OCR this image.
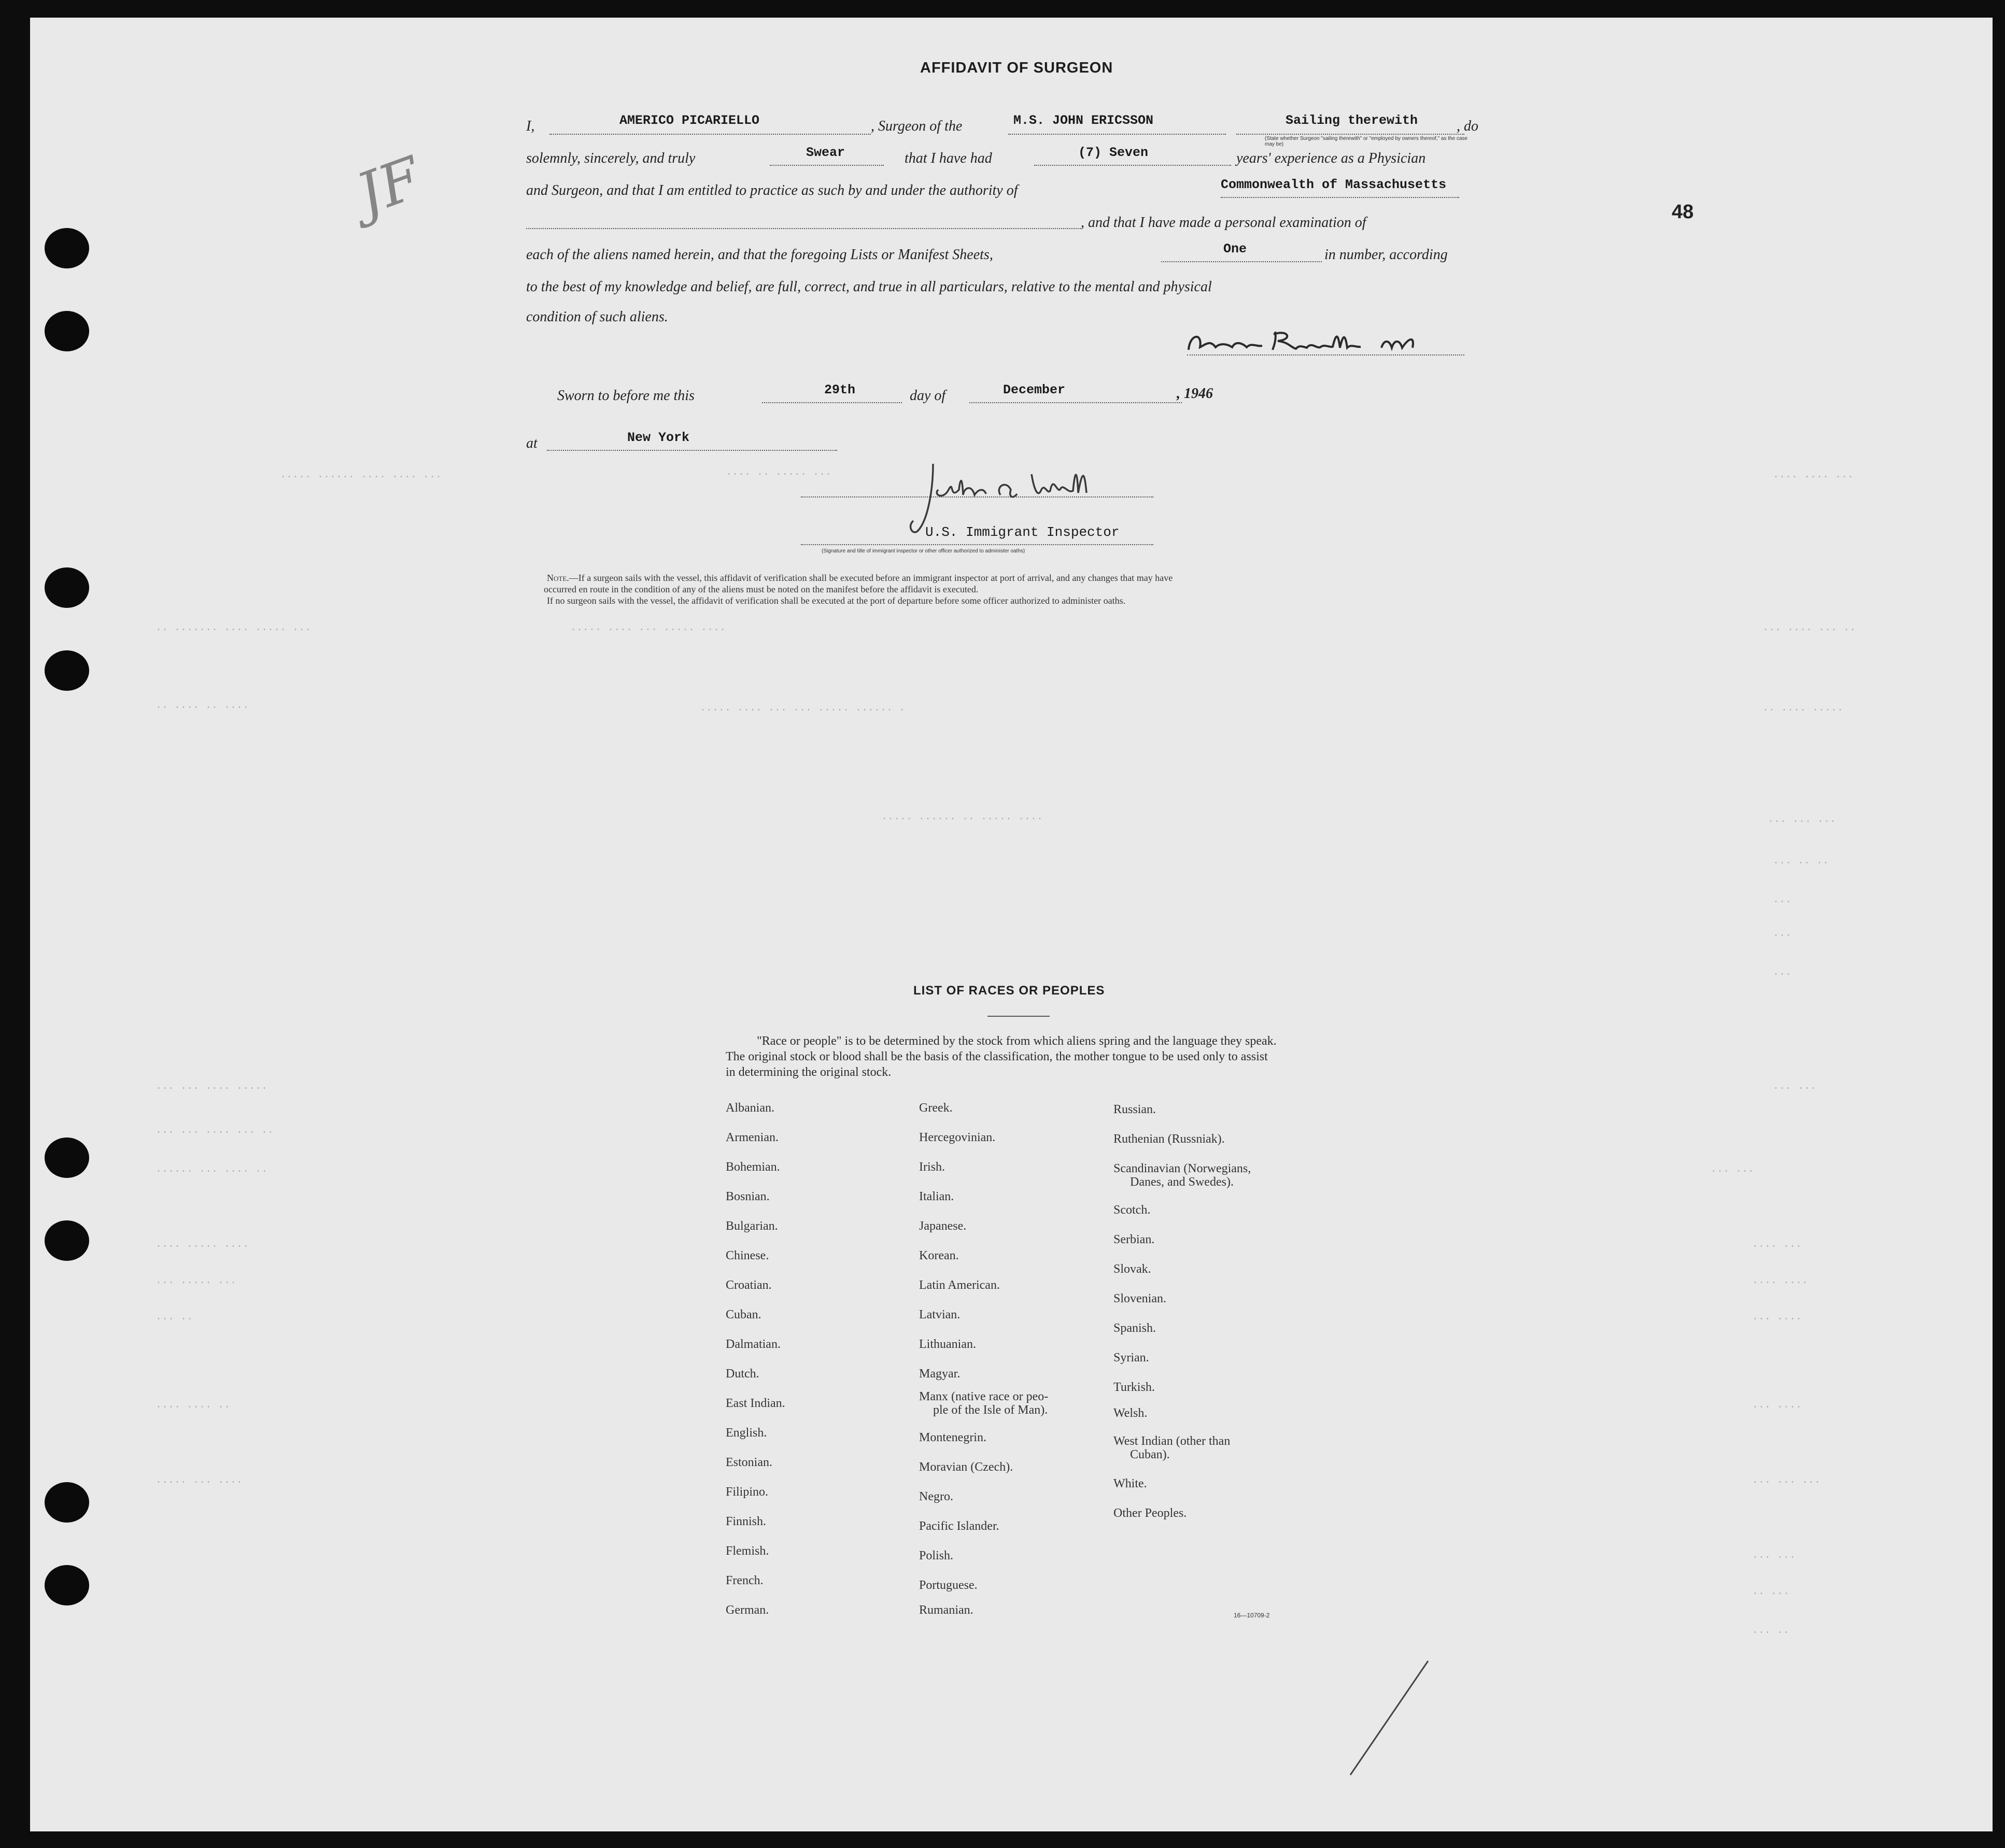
..... ...... .... .... ...	.... .. ..... ...	.... .... ...
.. ....... .... ..... ...	..... .... ... ..... ....	... .... ... ..
.. .... .. ....	..... .... ... ... ..... ...... .	.. .... .....
..... ...... .. ..... ....	... ... ...
... .. ..
...
...
...
... ... .... .....	... ...
... ... .... ... ..
...... ... .... ..	... ...
.... ..... ....	.... ...
... ..... ...	.... ....
... ..	... ....
.... .... ..	... ....
..... ... ....	... ... ...
... ...
.. ...
... ..
AFFIDAVIT OF SURGEON
I,	AMERICO PICARIELLO	, Surgeon of the	M.S. JOHN ERICSSON	Sailing therewith	, do
(State whether Surgeon "sailing therewith" or "employed by owners thereof," as the case may be)
solemnly, sincerely, and truly	Swear	that I have had	(7) Seven	years' experience as a Physician
and Surgeon, and that I am entitled to practice as such by and under the authority of	Commonwealth of Massachusetts
, and that I have made a personal examination of
each of the aliens named herein, and that the foregoing Lists or Manifest Sheets,	One	in number, according
to the best of my knowledge and belief, are full, correct, and true in all particulars, relative to the mental and physical
condition of such aliens.
Sworn to before me this	29th	day of	December	, 1946
at	New York
U.S. Immigrant Inspector
(Signature and title of immigrant inspector or other officer authorized to administer oaths)
Note.—If a surgeon sails with the vessel, this affidavit of verification shall be executed before an immigrant inspector at port of arrival, and any changes that may have
occurred en route in the condition of any of the aliens must be noted on the manifest before the affidavit is executed.
If no surgeon sails with the vessel, the affidavit of verification shall be executed at the port of departure before some officer authorized to administer oaths.
48
JF
LIST OF RACES OR PEOPLES
"Race or people" is to be determined by the stock from which aliens spring and the language they speak. The original stock or blood shall be the basis of the classification, the mother tongue to be used only to assist in determining the original stock.
Albanian.
Armenian.
Bohemian.
Bosnian.
Bulgarian.
Chinese.
Croatian.
Cuban.
Dalmatian.
Dutch.
East Indian.
English.
Estonian.
Filipino.
Finnish.
Flemish.
French.
German.
Greek.
Hercegovinian.
Irish.
Italian.
Japanese.
Korean.
Latin American.
Latvian.
Lithuanian.
Magyar.
Manx (native race or peo-
ple of the Isle of Man).
Montenegrin.
Moravian (Czech).
Negro.
Pacific Islander.
Polish.
Portuguese.
Rumanian.
Russian.
Ruthenian (Russniak).
Scandinavian (Norwegians,
Danes, and Swedes).
Scotch.
Serbian.
Slovak.
Slovenian.
Spanish.
Syrian.
Turkish.
Welsh.
West Indian (other than
Cuban).
White.
Other Peoples.
16—10709-2
